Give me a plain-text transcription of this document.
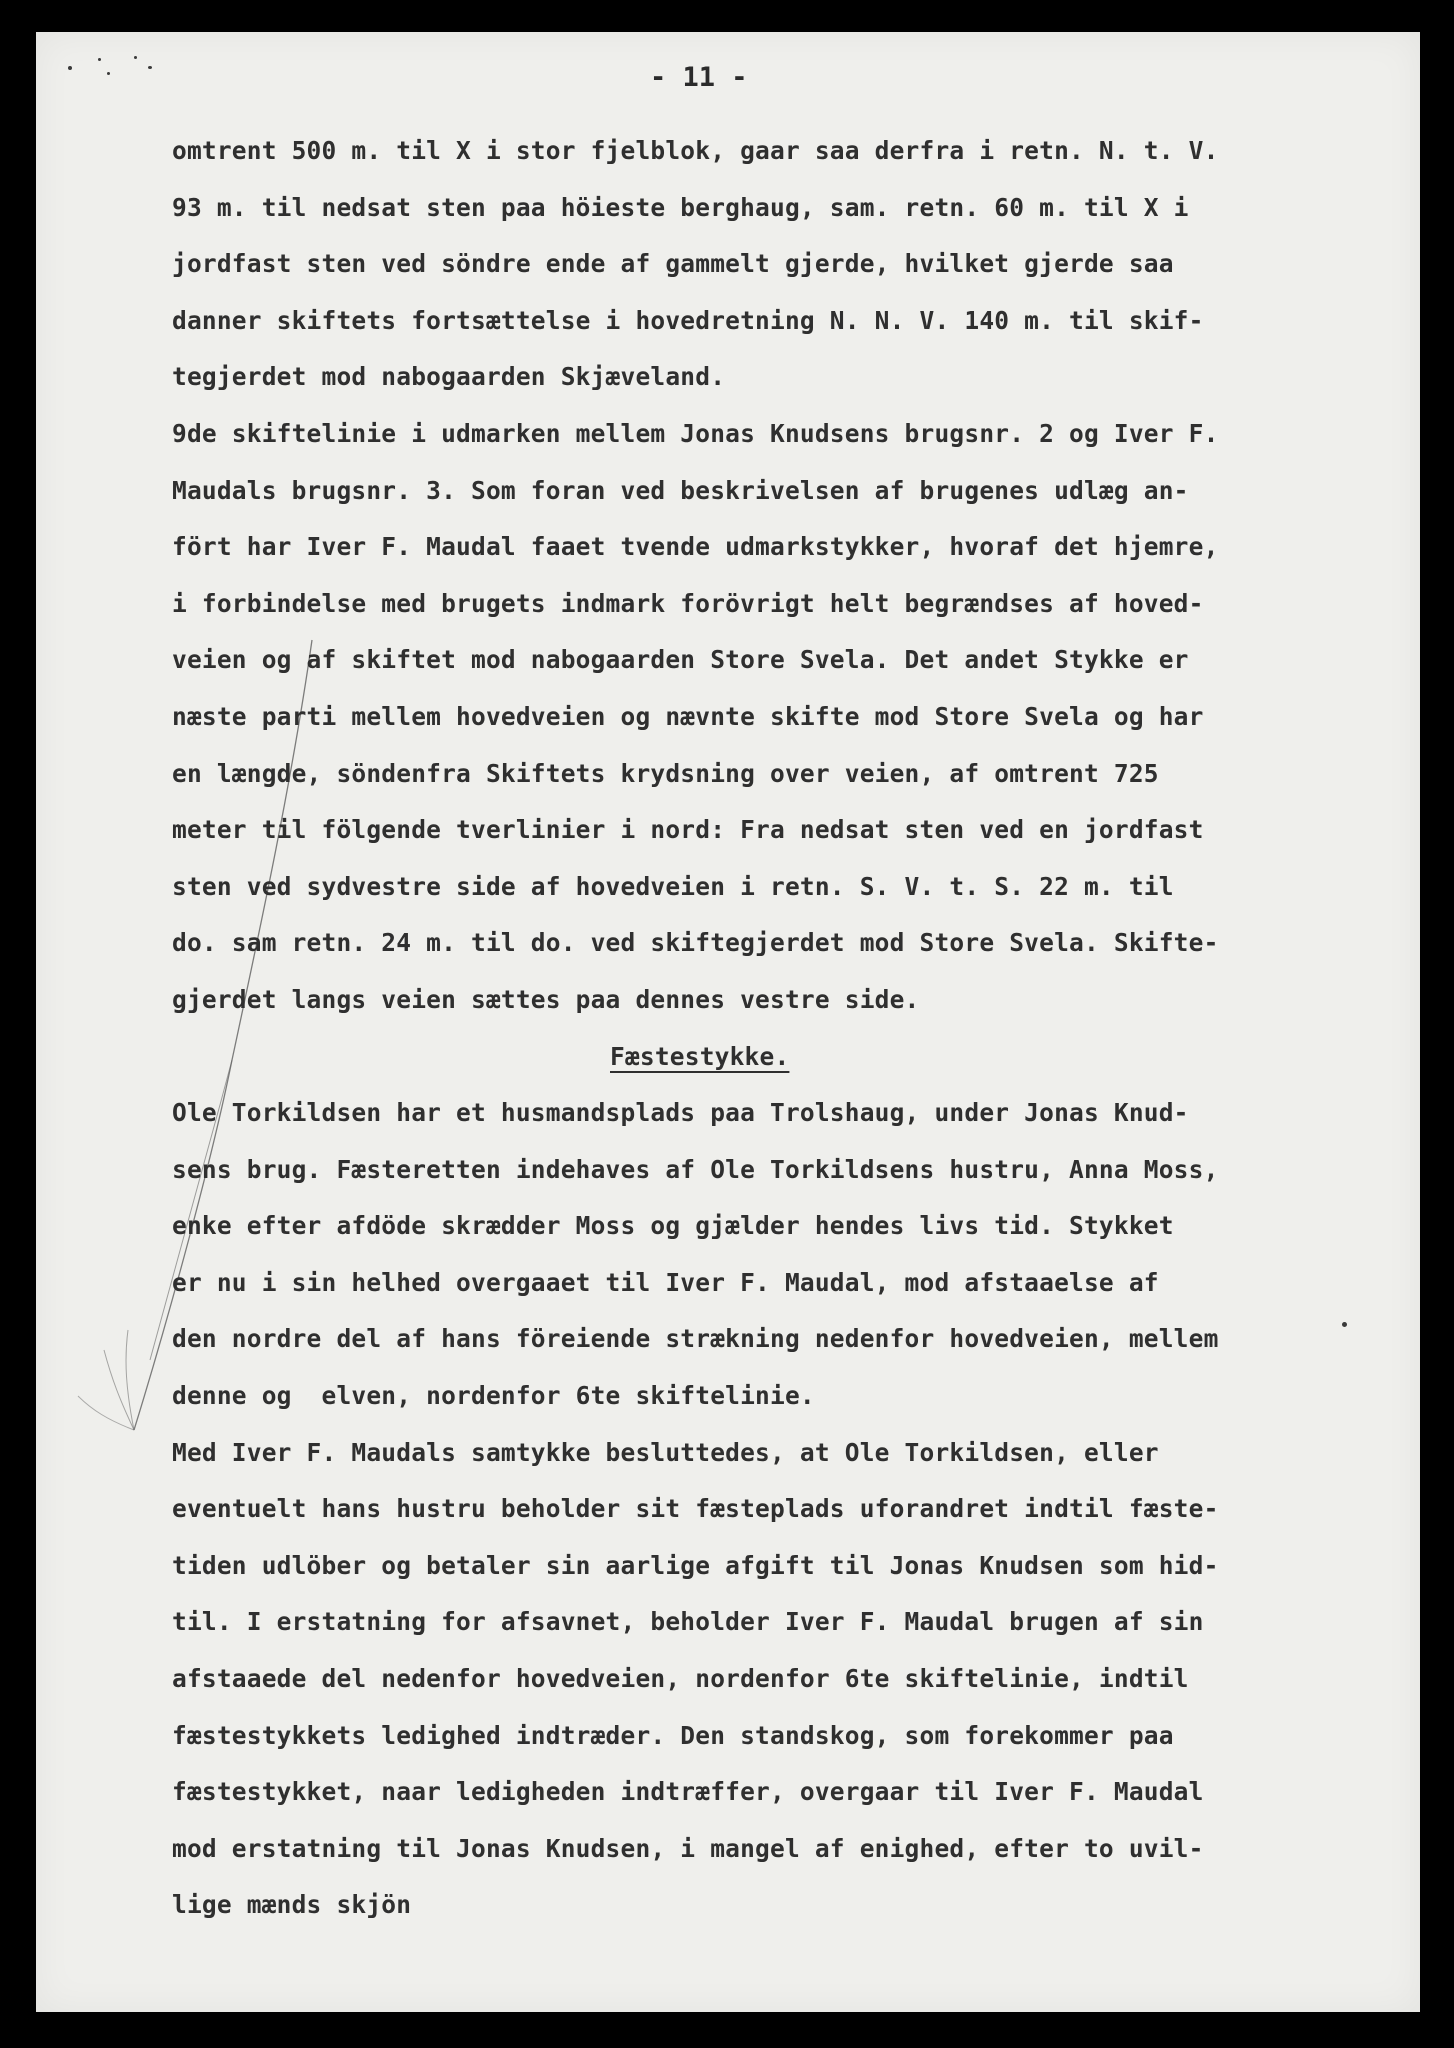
- 11 -
omtrent 500 m. til X i stor fjelblok, gaar saa derfra i retn. N. t. V.
93 m. til nedsat sten paa höieste berghaug, sam. retn. 60 m. til X i
jordfast sten ved söndre ende af gammelt gjerde, hvilket gjerde saa
danner skiftets fortsættelse i hovedretning N. N. V. 140 m. til skif-
tegjerdet mod nabogaarden Skjæveland.
9de skiftelinie i udmarken mellem Jonas Knudsens brugsnr. 2 og Iver F.
Maudals brugsnr. 3. Som foran ved beskrivelsen af brugenes udlæg an-
fört har Iver F. Maudal faaet tvende udmarkstykker, hvoraf det hjemre,
i forbindelse med brugets indmark forövrigt helt begrændses af hoved-
veien og af skiftet mod nabogaarden Store Svela. Det andet Stykke er
næste parti mellem hovedveien og nævnte skifte mod Store Svela og har
en længde, söndenfra Skiftets krydsning over veien, af omtrent 725
meter til fölgende tverlinier i nord: Fra nedsat sten ved en jordfast
sten ved sydvestre side af hovedveien i retn. S. V. t. S. 22 m. til
do. sam retn. 24 m. til do. ved skiftegjerdet mod Store Svela. Skifte-
gjerdet langs veien sættes paa dennes vestre side.
Fæstestykke.
Ole Torkildsen har et husmandsplads paa Trolshaug, under Jonas Knud-
sens brug. Fæsteretten indehaves af Ole Torkildsens hustru, Anna Moss,
enke efter afdöde skrædder Moss og gjælder hendes livs tid. Stykket
er nu i sin helhed overgaaet til Iver F. Maudal, mod afstaaelse af
den nordre del af hans föreiende strækning nedenfor hovedveien, mellem
denne og  elven, nordenfor 6te skiftelinie.
Med Iver F. Maudals samtykke besluttedes, at Ole Torkildsen, eller
eventuelt hans hustru beholder sit fæsteplads uforandret indtil fæste-
tiden udlöber og betaler sin aarlige afgift til Jonas Knudsen som hid-
til. I erstatning for afsavnet, beholder Iver F. Maudal brugen af sin
afstaaede del nedenfor hovedveien, nordenfor 6te skiftelinie, indtil
fæstestykkets ledighed indtræder. Den standskog, som forekommer paa
fæstestykket, naar ledigheden indtræffer, overgaar til Iver F. Maudal
mod erstatning til Jonas Knudsen, i mangel af enighed, efter to uvil-
lige mænds skjön
